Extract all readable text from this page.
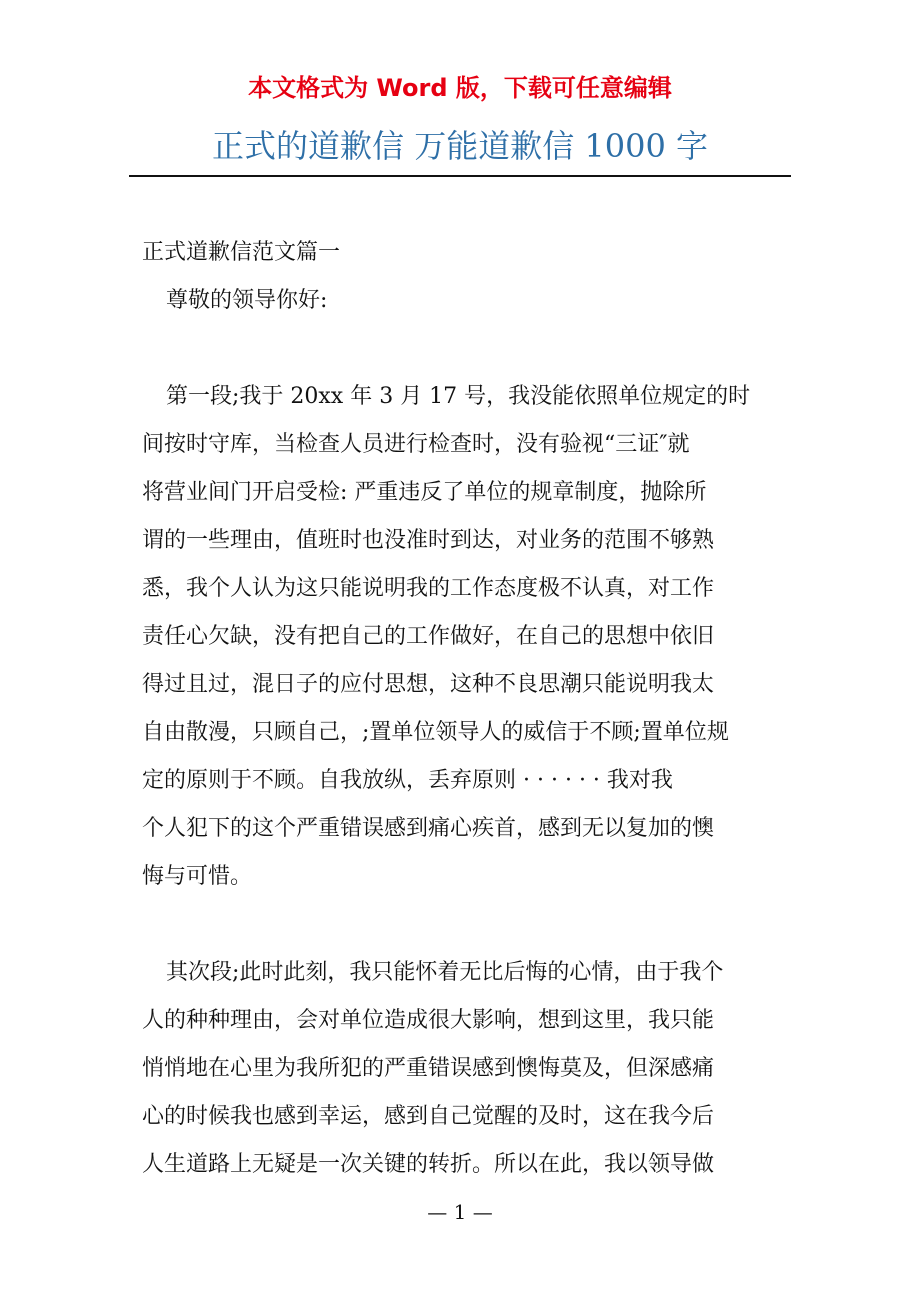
本文格式为 Word 版，下载可任意编辑
正式的道歉信 万能道歉信 1000 字
正式道歉信范文篇一
尊敬的领导你好:
第一段;我于 20xx 年 3 月 17 号，我没能依照单位规定的时
间按时守库，当检查人员进行检查时，没有验视“三证″就
将营业间门开启受检: 严重违反了单位的规章制度，抛除所
谓的一些理由，值班时也没准时到达，对业务的范围不够熟
悉，我个人认为这只能说明我的工作态度极不认真，对工作
责任心欠缺，没有把自己的工作做好，在自己的思想中依旧
得过且过，混日子的应付思想，这种不良思潮只能说明我太
自由散漫，只顾自己，;置单位领导人的威信于不顾;置单位规
定的原则于不顾。自我放纵，丢弃原则 · · · · · · 我对我
个人犯下的这个严重错误感到痛心疾首，感到无以复加的懊
悔与可惜。
其次段;此时此刻，我只能怀着无比后悔的心情，由于我个
人的种种理由，会对单位造成很大影响，想到这里，我只能
悄悄地在心里为我所犯的严重错误感到懊悔莫及，但深感痛
心的时候我也感到幸运，感到自己觉醒的及时，这在我今后
人生道路上无疑是一次关键的转折。所以在此，我以领导做
— 1 —
